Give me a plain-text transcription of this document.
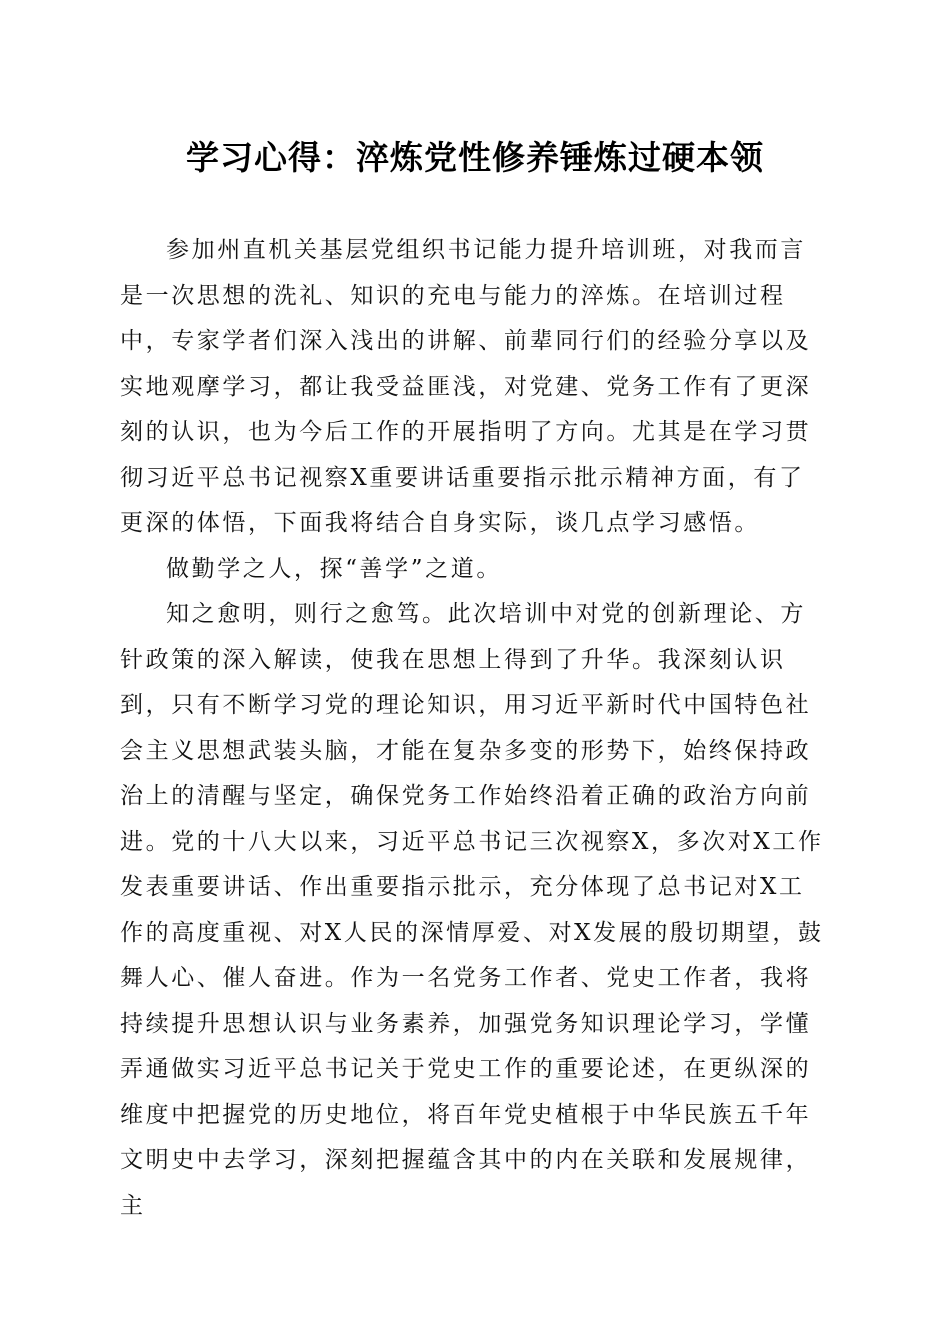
学习心得：淬炼党性修养锤炼过硬本领

参加州直机关基层党组织书记能力提升培训班，对我而言是一次思想的洗礼、知识的充电与能力的淬炼。在培训过程中，专家学者们深入浅出的讲解、前辈同行们的经验分享以及实地观摩学习，都让我受益匪浅，对党建、党务工作有了更深刻的认识，也为今后工作的开展指明了方向。尤其是在学习贯彻习近平总书记视察X重要讲话重要指示批示精神方面，有了更深的体悟，下面我将结合自身实际，谈几点学习感悟。

做勤学之人，探“善学”之道。

知之愈明，则行之愈笃。此次培训中对党的创新理论、方针政策的深入解读，使我在思想上得到了升华。我深刻认识到，只有不断学习党的理论知识，用习近平新时代中国特色社会主义思想武装头脑，才能在复杂多变的形势下，始终保持政治上的清醒与坚定，确保党务工作始终沿着正确的政治方向前进。党的十八大以来，习近平总书记三次视察X，多次对X工作发表重要讲话、作出重要指示批示，充分体现了总书记对X工作的高度重视、对X人民的深情厚爱、对X发展的殷切期望，鼓舞人心、催人奋进。作为一名党务工作者、党史工作者，我将持续提升思想认识与业务素养，加强党务知识理论学习，学懂弄通做实习近平总书记关于党史工作的重要论述，在更纵深的维度中把握党的历史地位，将百年党史植根于中华民族五千年文明史中去学习，深刻把握蕴含其中的内在关联和发展规律，主
